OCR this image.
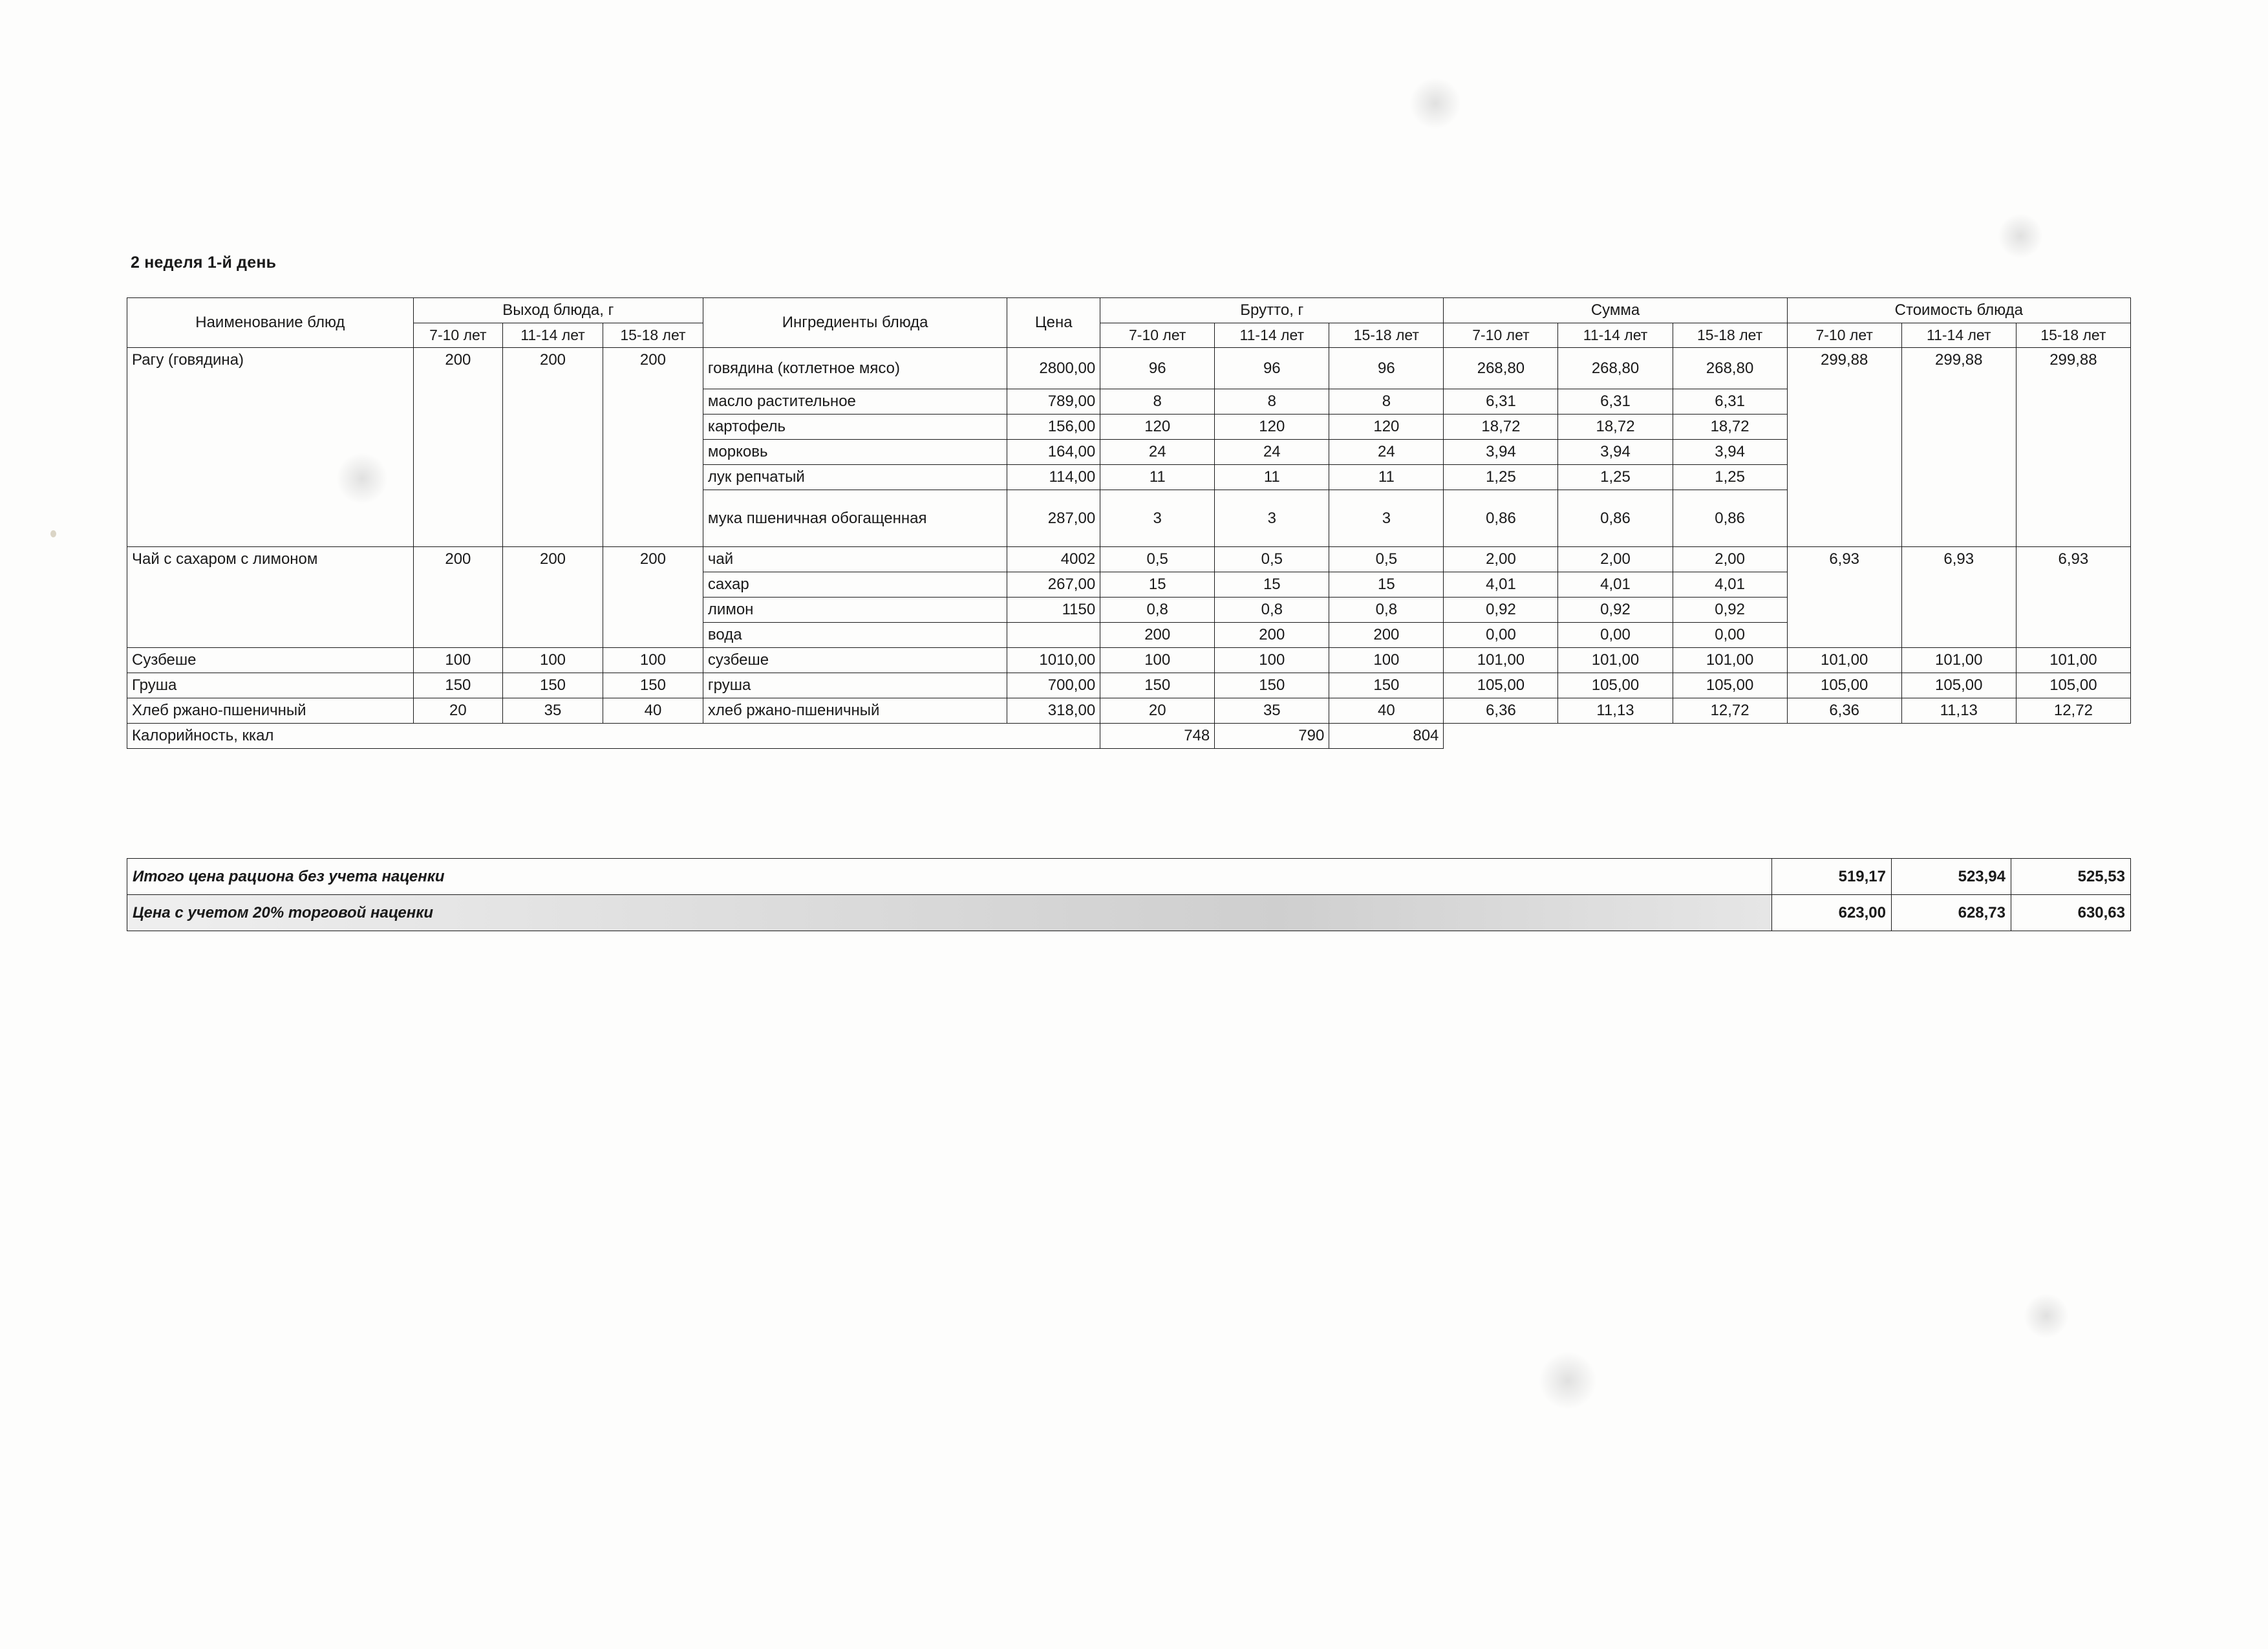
2 неделя 1-й день
Наименование блюд	Выход блюда, г			Ингредиенты блюда	Цена	Брутто, г			Сумма			Стоимость блюда		
	7-10 лет	11-14 лет	15-18 лет			7-10 лет	11-14 лет	15-18 лет	7-10 лет	11-14 лет	15-18 лет	7-10 лет	11-14 лет	15-18 лет
Рагу (говядина)	200	200	200	говядина (котлетное мясо)	2800,00	96	96	96	268,80	268,80	268,80	299,88	299,88	299,88
				масло растительное	789,00	8	8	8	6,31	6,31	6,31			
				картофель	156,00	120	120	120	18,72	18,72	18,72			
				морковь	164,00	24	24	24	3,94	3,94	3,94			
				лук репчатый	114,00	11	11	11	1,25	1,25	1,25			
				мука пшеничная обогащенная	287,00	3	3	3	0,86	0,86	0,86			
Чай с сахаром с лимоном	200	200	200	чай	4002	0,5	0,5	0,5	2,00	2,00	2,00	6,93	6,93	6,93
				сахар	267,00	15	15	15	4,01	4,01	4,01			
				лимон	1150	0,8	0,8	0,8	0,92	0,92	0,92			
				вода		200	200	200	0,00	0,00	0,00			
Сузбеше	100	100	100	сузбеше	1010,00	100	100	100	101,00	101,00	101,00	101,00	101,00	101,00
Груша	150	150	150	груша	700,00	150	150	150	105,00	105,00	105,00	105,00	105,00	105,00
Хлеб ржано-пшеничный	20	35	40	хлеб ржано-пшеничный	318,00	20	35	40	6,36	11,13	12,72	6,36	11,13	12,72
Калорийность, ккал						748	790	804						
Итого цена рациона без учета наценки	519,17	523,94	525,53
Цена с учетом 20% торговой наценки	623,00	628,73	630,63
